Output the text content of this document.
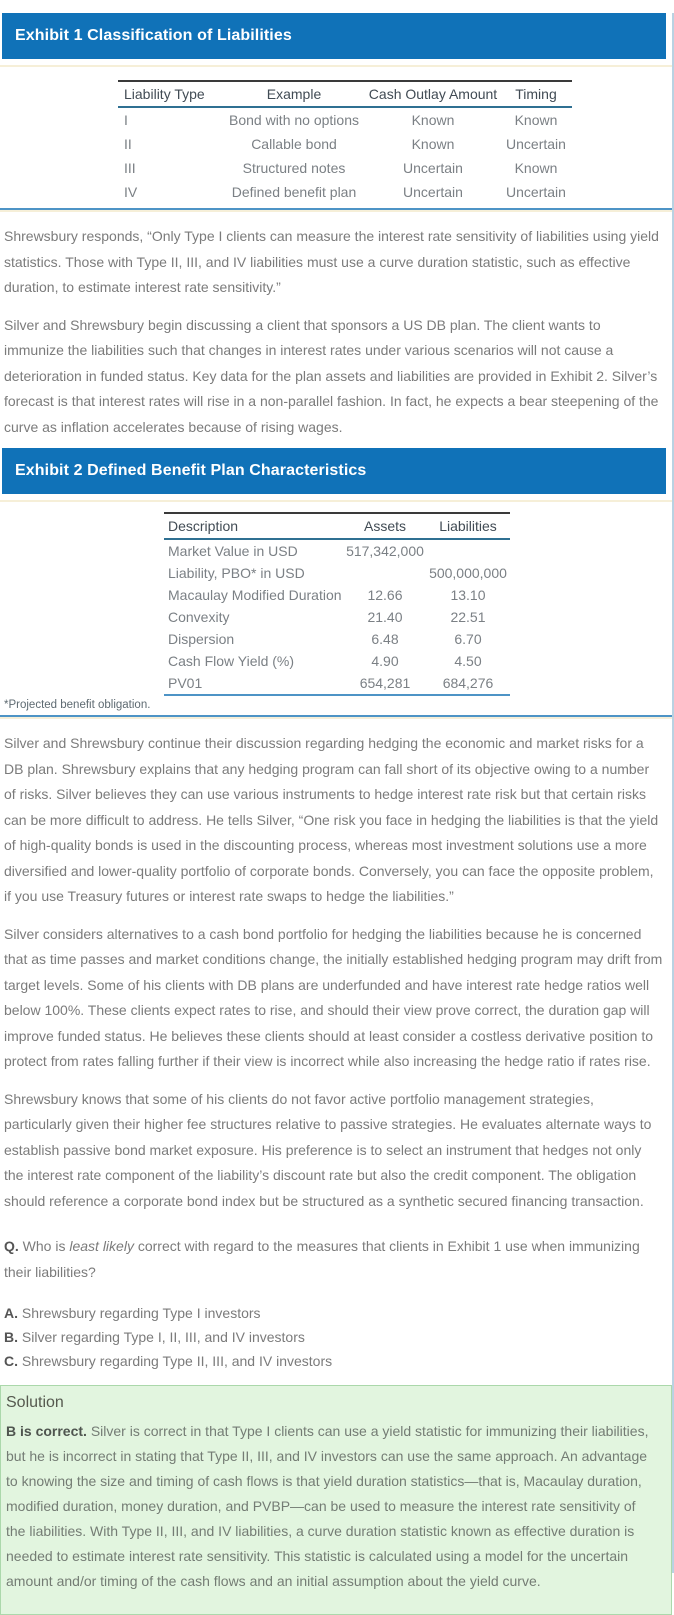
Exhibit 1 Classification of Liabilities
Liability Type	Example	Cash Outlay Amount	Timing
I	Bond with no options	Known	Known
II	Callable bond	Known	Uncertain
III	Structured notes	Uncertain	Known
IV	Defined benefit plan	Uncertain	Uncertain

Shrewsbury responds, “Only Type I clients can measure the interest rate sensitivity of liabilities using yield statistics. Those with Type II, III, and IV liabilities must use a curve duration statistic, such as effective duration, to estimate interest rate sensitivity.”

Silver and Shrewsbury begin discussing a client that sponsors a US DB plan. The client wants to immunize the liabilities such that changes in interest rates under various scenarios will not cause a deterioration in funded status. Key data for the plan assets and liabilities are provided in Exhibit 2. Silver’s forecast is that interest rates will rise in a non-parallel fashion. In fact, he expects a bear steepening of the curve as inflation accelerates because of rising wages.

Exhibit 2 Defined Benefit Plan Characteristics
Description	Assets	Liabilities
Market Value in USD	517,342,000	
Liability, PBO* in USD		500,000,000
Macaulay Modified Duration	12.66	13.10
Convexity	21.40	22.51
Dispersion	6.48	6.70
Cash Flow Yield (%)	4.90	4.50
PV01	654,281	684,276
*Projected benefit obligation.

Silver and Shrewsbury continue their discussion regarding hedging the economic and market risks for a DB plan. Shrewsbury explains that any hedging program can fall short of its objective owing to a number of risks. Silver believes they can use various instruments to hedge interest rate risk but that certain risks can be more difficult to address. He tells Silver, “One risk you face in hedging the liabilities is that the yield of high-quality bonds is used in the discounting process, whereas most investment solutions use a more diversified and lower-quality portfolio of corporate bonds. Conversely, you can face the opposite problem, if you use Treasury futures or interest rate swaps to hedge the liabilities.”

Silver considers alternatives to a cash bond portfolio for hedging the liabilities because he is concerned that as time passes and market conditions change, the initially established hedging program may drift from target levels. Some of his clients with DB plans are underfunded and have interest rate hedge ratios well below 100%. These clients expect rates to rise, and should their view prove correct, the duration gap will improve funded status. He believes these clients should at least consider a costless derivative position to protect from rates falling further if their view is incorrect while also increasing the hedge ratio if rates rise.

Shrewsbury knows that some of his clients do not favor active portfolio management strategies, particularly given their higher fee structures relative to passive strategies. He evaluates alternate ways to establish passive bond market exposure. His preference is to select an instrument that hedges not only the interest rate component of the liability’s discount rate but also the credit component. The obligation should reference a corporate bond index but be structured as a synthetic secured financing transaction.

Q. Who is least likely correct with regard to the measures that clients in Exhibit 1 use when immunizing their liabilities?
A. Shrewsbury regarding Type I investors
B. Silver regarding Type I, II, III, and IV investors
C. Shrewsbury regarding Type II, III, and IV investors
Solution
B is correct. Silver is correct in that Type I clients can use a yield statistic for immunizing their liabilities, but he is incorrect in stating that Type II, III, and IV investors can use the same approach. An advantage to knowing the size and timing of cash flows is that yield duration statistics—that is, Macaulay duration, modified duration, money duration, and PVBP—can be used to measure the interest rate sensitivity of the liabilities. With Type II, III, and IV liabilities, a curve duration statistic known as effective duration is needed to estimate interest rate sensitivity. This statistic is calculated using a model for the uncertain amount and/or timing of the cash flows and an initial assumption about the yield curve.
